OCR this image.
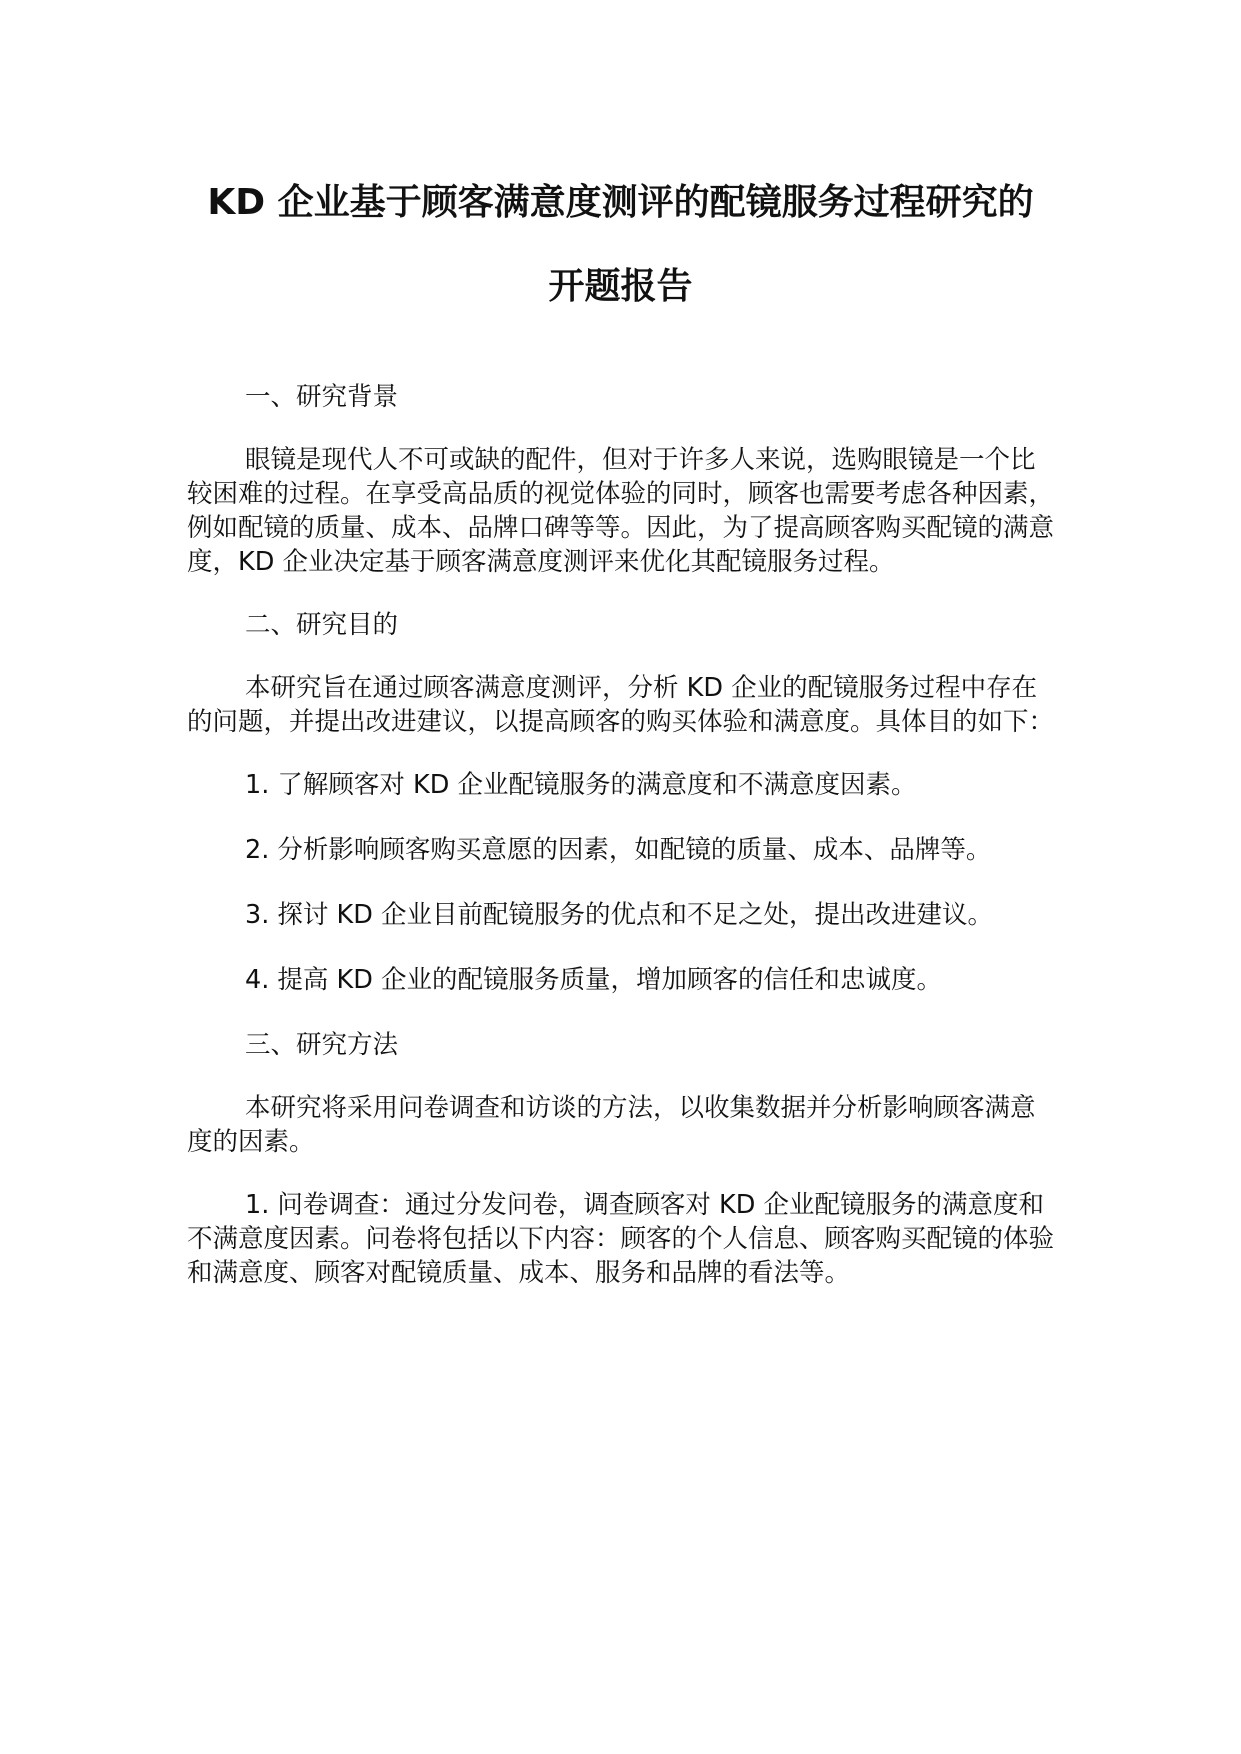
KD 企业基于顾客满意度测评的配镜服务过程研究的
开题报告

一、研究背景

眼镜是现代人不可或缺的配件，但对于许多人来说，选购眼镜是一个比较困难的过程。在享受高品质的视觉体验的同时，顾客也需要考虑各种因素，例如配镜的质量、成本、品牌口碑等等。因此，为了提高顾客购买配镜的满意度，KD 企业决定基于顾客满意度测评来优化其配镜服务过程。

二、研究目的

本研究旨在通过顾客满意度测评，分析 KD 企业的配镜服务过程中存在的问题，并提出改进建议，以提高顾客的购买体验和满意度。具体目的如下：

1. 了解顾客对 KD 企业配镜服务的满意度和不满意度因素。

2. 分析影响顾客购买意愿的因素，如配镜的质量、成本、品牌等。

3. 探讨 KD 企业目前配镜服务的优点和不足之处，提出改进建议。

4. 提高 KD 企业的配镜服务质量，增加顾客的信任和忠诚度。

三、研究方法

本研究将采用问卷调查和访谈的方法，以收集数据并分析影响顾客满意度的因素。

1. 问卷调查：通过分发问卷，调查顾客对 KD 企业配镜服务的满意度和不满意度因素。问卷将包括以下内容：顾客的个人信息、顾客购买配镜的体验和满意度、顾客对配镜质量、成本、服务和品牌的看法等。
